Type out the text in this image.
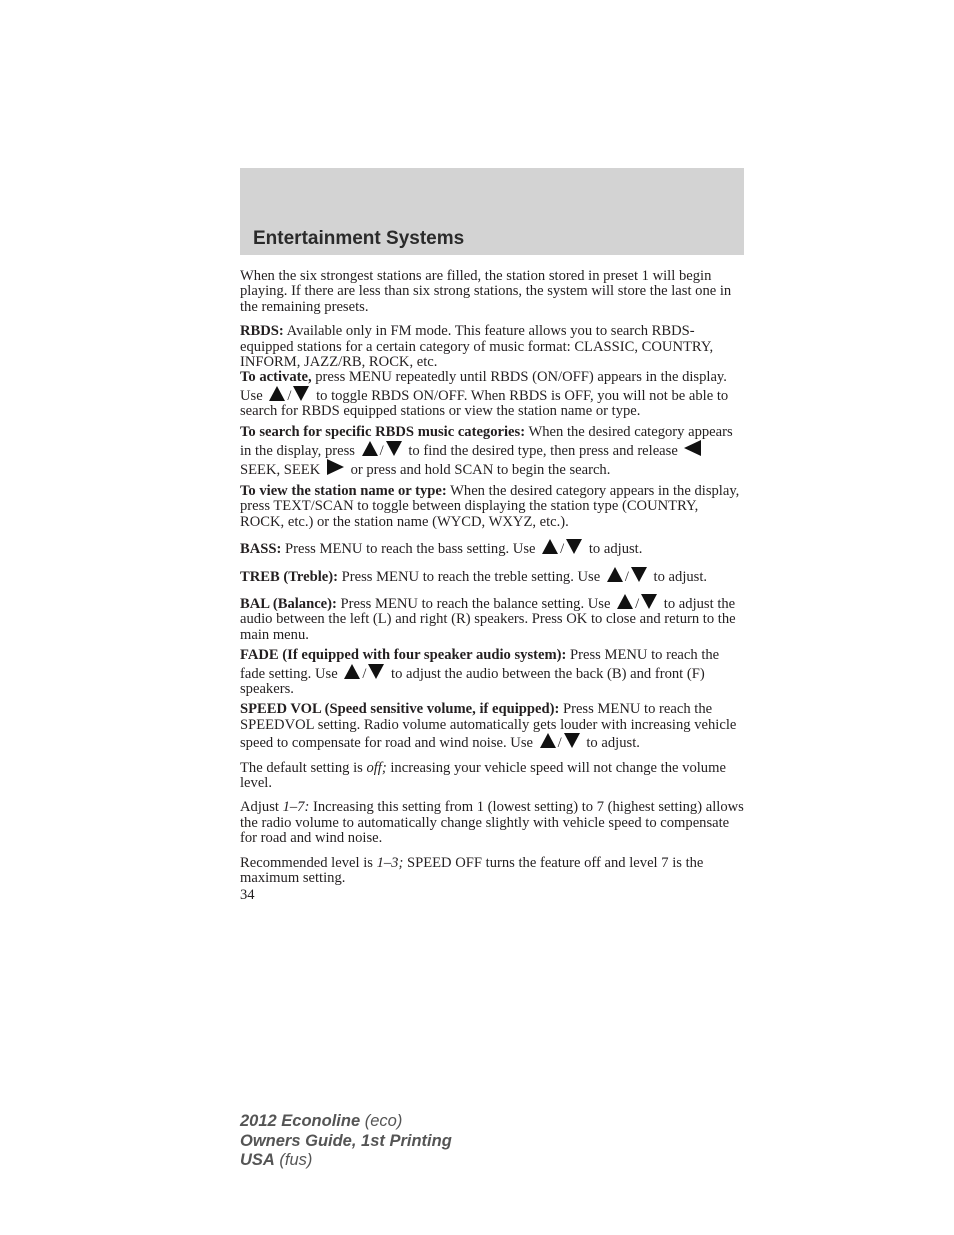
Entertainment Systems

When the six strongest stations are filled, the station stored in preset 1 will begin playing. If there are less than six strong stations, the system will store the last one in the remaining presets.

RBDS: Available only in FM mode. This feature allows you to search RBDS-equipped stations for a certain category of music format: CLASSIC, COUNTRY, INFORM, JAZZ/RB, ROCK, etc.

To activate, press MENU repeatedly until RBDS (ON/OFF) appears in the display. Use / to toggle RBDS ON/OFF. When RBDS is OFF, you will not be able to search for RBDS equipped stations or view the station name or type.

To search for specific RBDS music categories: When the desired category appears in the display, press / to find the desired type, then press and release  SEEK, SEEK  or press and hold SCAN to begin the search.

To view the station name or type: When the desired category appears in the display, press TEXT/SCAN to toggle between displaying the station type (COUNTRY, ROCK, etc.) or the station name (WYCD, WXYZ, etc.).

BASS: Press MENU to reach the bass setting. Use / to adjust.

TREB (Treble): Press MENU to reach the treble setting. Use / to adjust.

BAL (Balance): Press MENU to reach the balance setting. Use / to adjust the audio between the left (L) and right (R) speakers. Press OK to close and return to the main menu.

FADE (If equipped with four speaker audio system): Press MENU to reach the fade setting. Use / to adjust the audio between the back (B) and front (F) speakers.

SPEED VOL (Speed sensitive volume, if equipped): Press MENU to reach the SPEEDVOL setting. Radio volume automatically gets louder with increasing vehicle speed to compensate for road and wind noise. Use / to adjust.

The default setting is off; increasing your vehicle speed will not change the volume level.

Adjust 1–7: Increasing this setting from 1 (lowest setting) to 7 (highest setting) allows the radio volume to automatically change slightly with vehicle speed to compensate for road and wind noise.

Recommended level is 1–3; SPEED OFF turns the feature off and level 7 is the maximum setting.

34
2012 Econoline (eco)
Owners Guide, 1st Printing
USA (fus)
